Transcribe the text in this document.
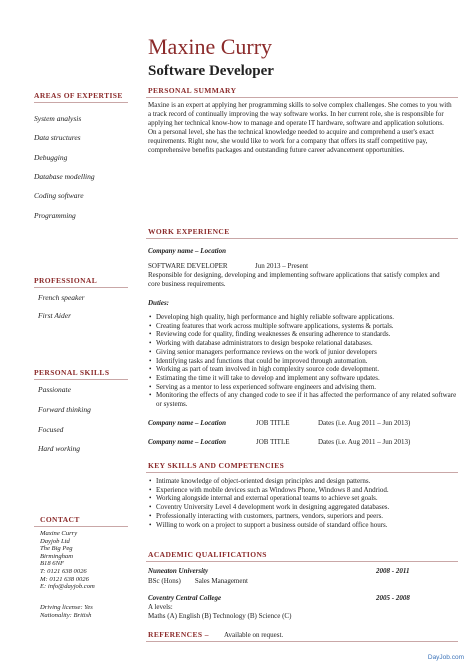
Maxine Curry
Software Developer
AREAS OF EXPERTISE
System analysis
Data structures
Debugging
Database modelling
Coding software
Programming
PROFESSIONAL
French speaker
First Aider
PERSONAL SKILLS
Passionate
Forward thinking
Focused
Hard working
CONTACT
Maxine Curry
Dayjob Ltd
The Big Peg
Birmingham
B18 6NF
T: 0121 638 0026
M: 0121 638 0026
E: info@dayjob.com
Driving license: Yes
Nationality: British
PERSONAL SUMMARY
Maxine is an expert at applying her programming skills to solve complex challenges. She comes to you with a track record of continually improving the way software works. In her current role, she is responsible for applying her technical know-how to manage and operate IT hardware, software and application solutions. On a personal level, she has the technical knowledge needed to acquire and comprehend a user's exact requirements. Right now, she would like to work for a company that offers its staff competitive pay, comprehensive benefits packages and outstanding future career advancement opportunities.
WORK EXPERIENCE
Company name – Location
SOFTWARE DEVELOPER	Jun 2013 – Present
Responsible for designing, developing and implementing software applications that satisfy complex and core business requirements.
Duties:
• Developing high quality, high performance and highly reliable software applications.
• Creating features that work across multiple software applications, systems & portals.
• Reviewing code for quality, finding weaknesses & ensuring adherence to standards.
• Working with database administrators to design bespoke relational databases.
• Giving senior managers performance reviews on the work of junior developers
• Identifying tasks and functions that could be improved through automation.
• Working as part of team involved in high complexity source code development.
• Estimating the time it will take to develop and implement any software updates.
• Serving as a mentor to less experienced software engineers and advising them.
• Monitoring the effects of any changed code to see if it has affected the performance of any related software or systems.
Company name – Location	JOB TITLE	Dates (i.e. Aug 2011 – Jun 2013)
Company name – Location	JOB TITLE	Dates (i.e. Aug 2011 – Jun 2013)
KEY SKILLS AND COMPETENCIES
• Intimate knowledge of object-oriented design principles and design patterns.
• Experience with mobile devices such as Windows Phone, Windows 8 and Andriod.
• Working alongside internal and external operational teams to achieve set goals.
• Coventry University Level 4 development work in designing aggregated databases.
• Professionally interacting with customers, partners, vendors, superiors and peers.
• Willing to work on a project to support a business outside of standard office hours.
ACADEMIC QUALIFICATIONS
Nuneaton University	2008 - 2011
BSc (Hons)        Sales Management
Coventry Central College	2005 - 2008
A levels:
Maths (A) English (B) Technology (B) Science (C)
REFERENCES – Available on request.
DayJob.com
